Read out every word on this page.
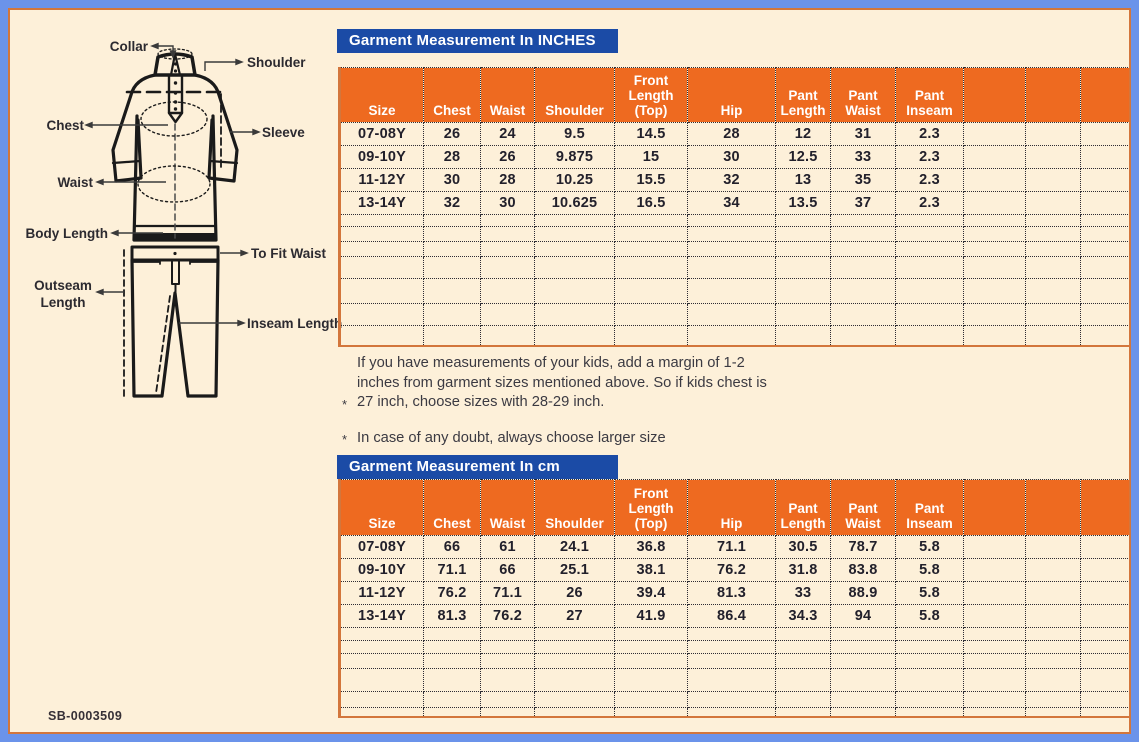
Collar
Shoulder
Chest	Sleeve
Waist
Body Length
To Fit Waist
Outseam
Length
Inseam Length
Garment Measurement In INCHES
Size	Chest	Waist	Shoulder	Front Length (Top)	Hip	Pant Length	Pant Waist	Pant Inseam			
07-08Y	26	24	9.5	14.5	28	12	31	2.3			
09-10Y	28	26	9.875	15	30	12.5	33	2.3			
11-12Y	30	28	10.25	15.5	32	13	35	2.3			
13-14Y	32	30	10.625	16.5	34	13.5	37	2.3			

*
If you have measurements of your kids, add a margin of 1-2 inches from garment sizes mentioned above. So if kids chest is 27 inch, choose sizes with 28-29 inch.
* In case of any doubt, always choose larger size
Garment Measurement In cm
Size	Chest	Waist	Shoulder	Front Length (Top)	Hip	Pant Length	Pant Waist	Pant Inseam			
07-08Y	66	61	24.1	36.8	71.1	30.5	78.7	5.8			
09-10Y	71.1	66	25.1	38.1	76.2	31.8	83.8	5.8			
11-12Y	76.2	71.1	26	39.4	81.3	33	88.9	5.8			
13-14Y	81.3	76.2	27	41.9	86.4	34.3	94	5.8			

SB-0003509
